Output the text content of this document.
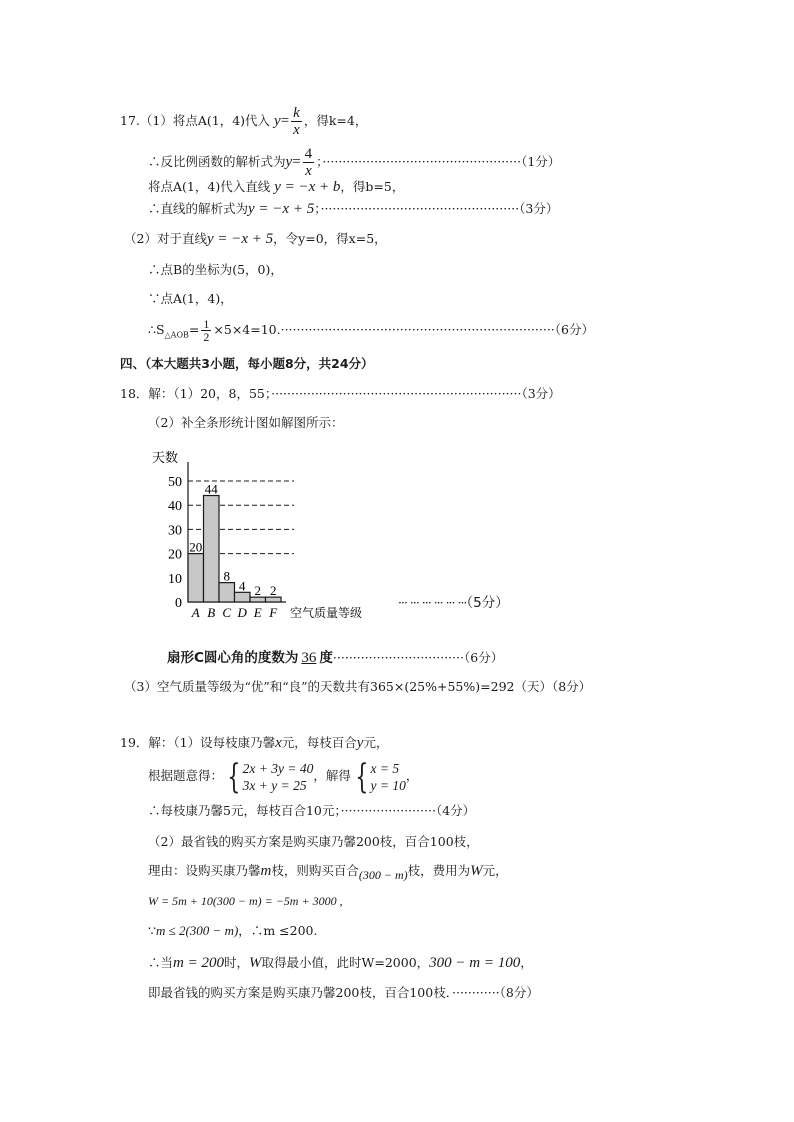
17.（1）将点A(1，4)代入 $y= \frac{k}{x}$ ，得k=4，
∴反比例函数的解析式为$y= \frac{4}{x}$ ；··················································（1分）
将点A(1，4)代入直线 y = −x + b，得b=5，
∴直线的解析式为y = −x + 5；··················································（3分）
（2）对于直线y = −x + 5，令y=0，得x=5，
∴点B的坐标为(5，0)，
∵点A(1，4)，
$\therefore S_{\triangle AOB}= \frac{1}{2} \times 5\times 4=10.\cdot\cdot\cdot\cdot\cdot\cdot\cdot\cdot\cdot\cdot\cdot\cdot\cdot\cdot\cdot\cdot\cdot\cdot\cdot\cdot\cdot\cdot\cdot\cdot\cdot\cdot\cdot\cdot\cdot\cdot\cdot\cdot\cdot\cdot\cdot\cdot\cdot\cdot\cdot\cdot\cdot\cdot\cdot\cdot\cdot\cdot\cdot\cdot\cdot\cdot\cdot\cdot\cdot\cdot\cdot\cdot\cdot\cdot\cdot\cdot\cdot\cdot\cdot\cdot\cdot\cdot\cdot\cdot\cdot(6$分）
四、（本大题共3小题，每小题8分，共24分）
18．解：（1）20，8，55；·······························································（3分）
（2）补全条形统计图如解图所示：
天数
0
10
20
30
40
50
20
44
8
4 2 2
A B C D E F 空气质量等级
··· ··· ··· ··· ··· ···（5分）
扇形C圆心角的度数为 36 度·································（6分）
（3）空气质量等级为“优”和“良”的天数共有365×(25%+55%)=292（天）（8分）
19．解：（1）设每枝康乃馨x元，每枝百合y元，
根据题意得： { 2x + 3y = 40
3x + y = 25
，解得 { x = 5
y = 10
，
∴每枝康乃馨5元，每枝百合10元；························（4分）
（2）最省钱的购买方案是购买康乃馨200枝，百合100枝，
理由：设购买康乃馨m枝，则购买百合(300 − m)枝，费用为W元，
W = 5m + 10(300 − m) = −5m + 3000 ,
∵m ≤ 2(300 − m)，∴m ≤200.
∴当m = 200时，W取得最小值，此时W=2000，300 − m = 100，
即最省钱的购买方案是购买康乃馨200枝，百合100枝．············（8分）
